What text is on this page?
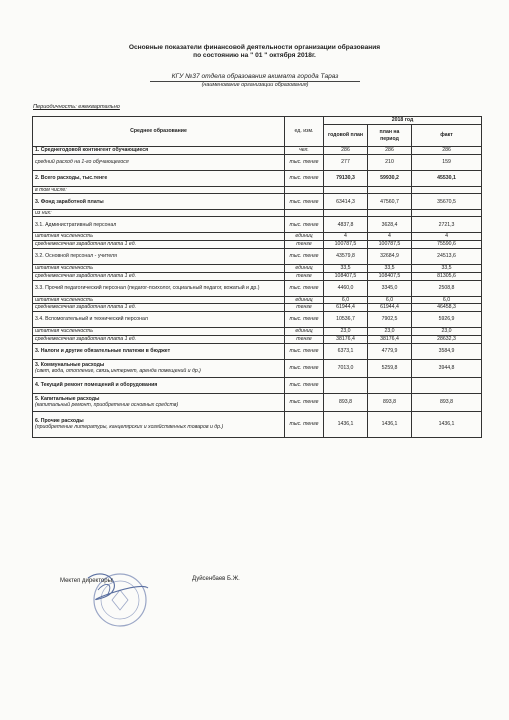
Основные показатели финансовой деятельности организации образования
по состоянию на " 01 " октября 2018г.
КГУ №37 отдела образования акимата города Тараз
(наименование организации образования)
Периодичность: ежеквартально
Среднее образование	ед. изм.	2018 год		
		годовой план	план на период	факт
1. Среднегодовой контингент обучающиеся	чел.	286	286	286
средний расход на 1-го обучающегося	тыс. тенге	277	210	159
2. Всего расходы, тыс.тенге	тыс. тенге	79130,3	59930,2	45530,1
в том числе:				
3. Фонд заработной платы	тыс. тенге	63414,3	47560,7	35670,5
из них:				
3.1. Административный персонал	тыс. тенге	4837,8	3628,4	2721,3
штатная численность	единиц	4	4	4
среднемесячная заработная плата 1 ед.	тенге	100787,5	100787,5	75590,6
3.2. Основной персонал - учителя	тыс. тенге	43579,8	32684,9	24513,6
штатная численность	единиц	33,5	33,5	33,5
среднемесячная заработная плата 1 ед.	тенге	108407,5	108407,5	81305,6
3.3. Прочий педагогический персонал (педагог-психолог, социальный педагог, вожатый и др.)	тыс. тенге	4460,0	3345,0	2508,8
штатная численность	единиц	6,0	6,0	6,0
среднемесячная заработная плата 1 ед.	тенге	61944,4	61944,4	46458,3
3.4. Вспомогательный и технический персонал	тыс. тенге	10536,7	7902,5	5926,9
штатная численность	единиц	23,0	23,0	23,0
среднемесячная заработная плата 1 ед.	тенге	38176,4	38176,4	28632,3
3. Налоги и другие обязательные платежи в бюджет	тыс. тенге	6373,1	4779,9	3584,9
3. Коммунальные расходы
(свет, вода, отопление, связь,интернет, аренда помещений и др.)	тыс. тенге	7013,0	5259,8	3944,8
4. Текущий ремонт помещений и оборудования	тыс. тенге			
5. Капитальные расходы
(капитальный ремонт, приобретение основных средств)	тыс. тенге	893,8	893,8	893,8
6. Прочие расходы
(приобретение литературы, канцелярских и хозяйственных товаров и др.)	тыс. тенге	1436,1	1436,1	1436,1
Мектеп директоры:	Дуйсенбаев Б.Ж.
